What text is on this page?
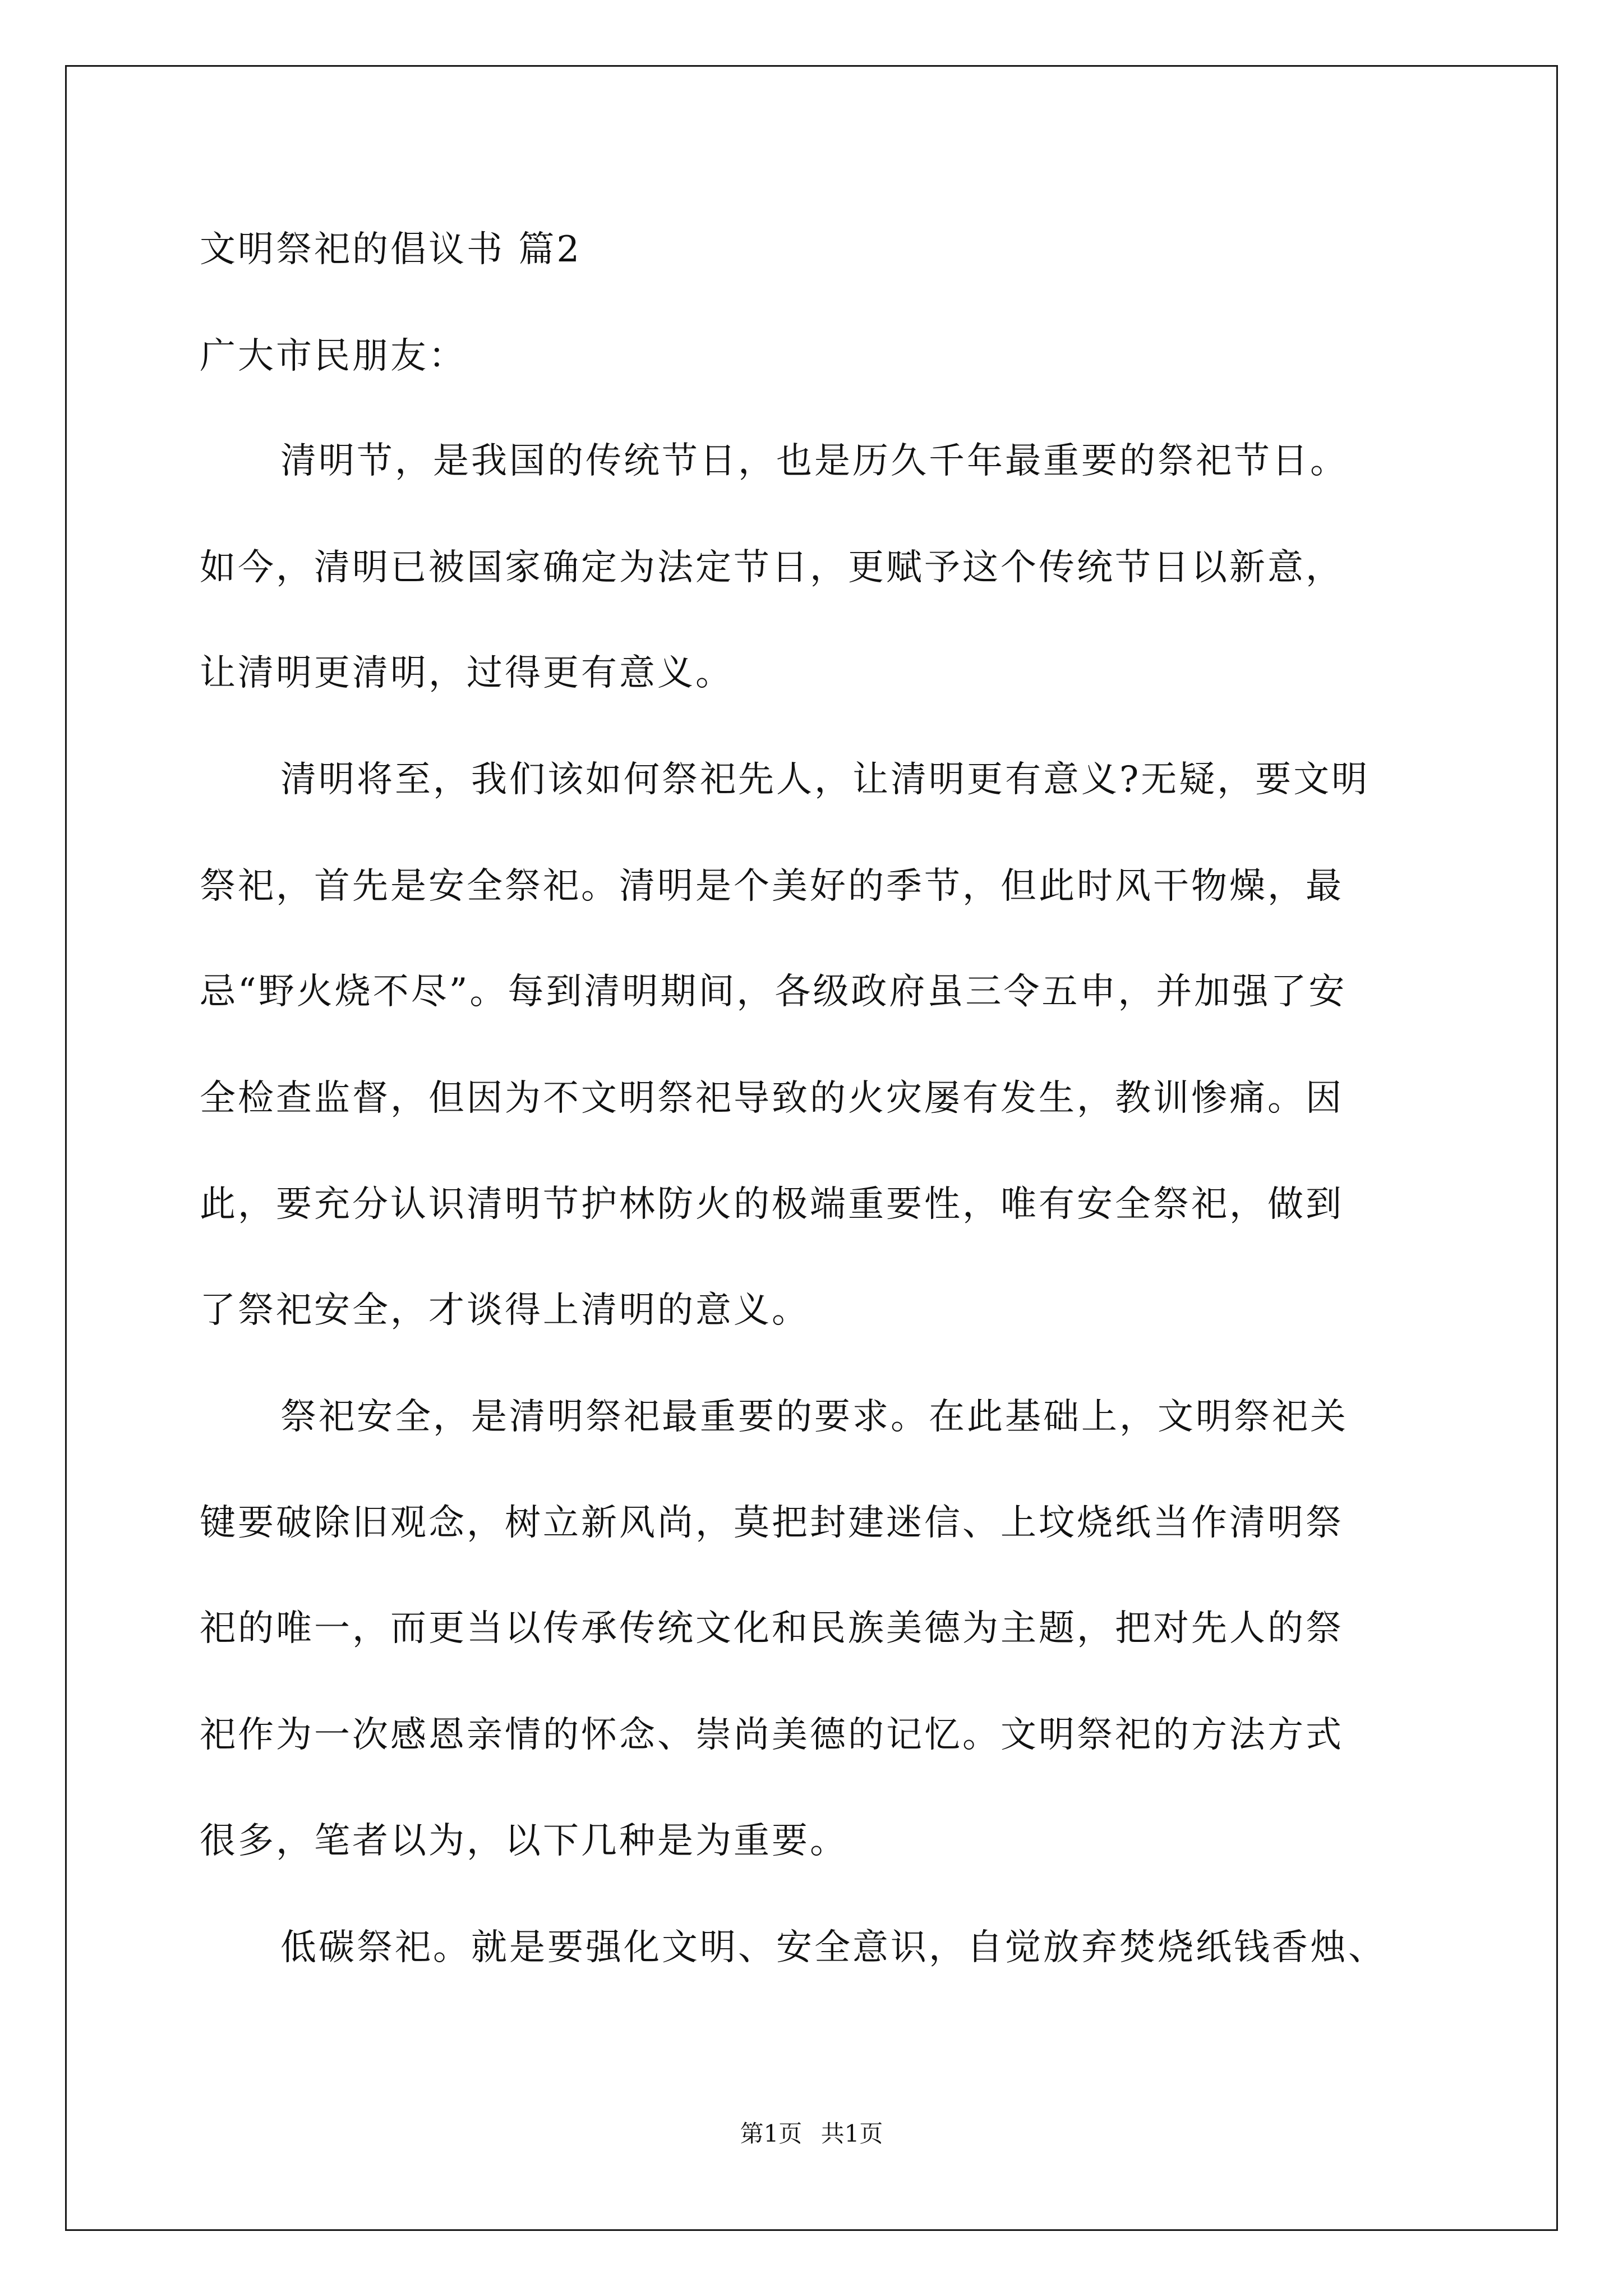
文明祭祀的倡议书 篇2
广大市民朋友：
清明节，是我国的传统节日，也是历久千年最重要的祭祀节日。
如今，清明已被国家确定为法定节日，更赋予这个传统节日以新意，
让清明更清明，过得更有意义。
清明将至，我们该如何祭祀先人，让清明更有意义?无疑，要文明
祭祀，首先是安全祭祀。清明是个美好的季节，但此时风干物燥，最
忌“野火烧不尽”。每到清明期间，各级政府虽三令五申，并加强了安
全检查监督，但因为不文明祭祀导致的火灾屡有发生，教训惨痛。因
此，要充分认识清明节护林防火的极端重要性，唯有安全祭祀，做到
了祭祀安全，才谈得上清明的意义。
祭祀安全，是清明祭祀最重要的要求。在此基础上，文明祭祀关
键要破除旧观念，树立新风尚，莫把封建迷信、上坟烧纸当作清明祭
祀的唯一，而更当以传承传统文化和民族美德为主题，把对先人的祭
祀作为一次感恩亲情的怀念、崇尚美德的记忆。文明祭祀的方法方式
很多，笔者以为，以下几种是为重要。
低碳祭祀。就是要强化文明、安全意识，自觉放弃焚烧纸钱香烛、
第1页 共1页
